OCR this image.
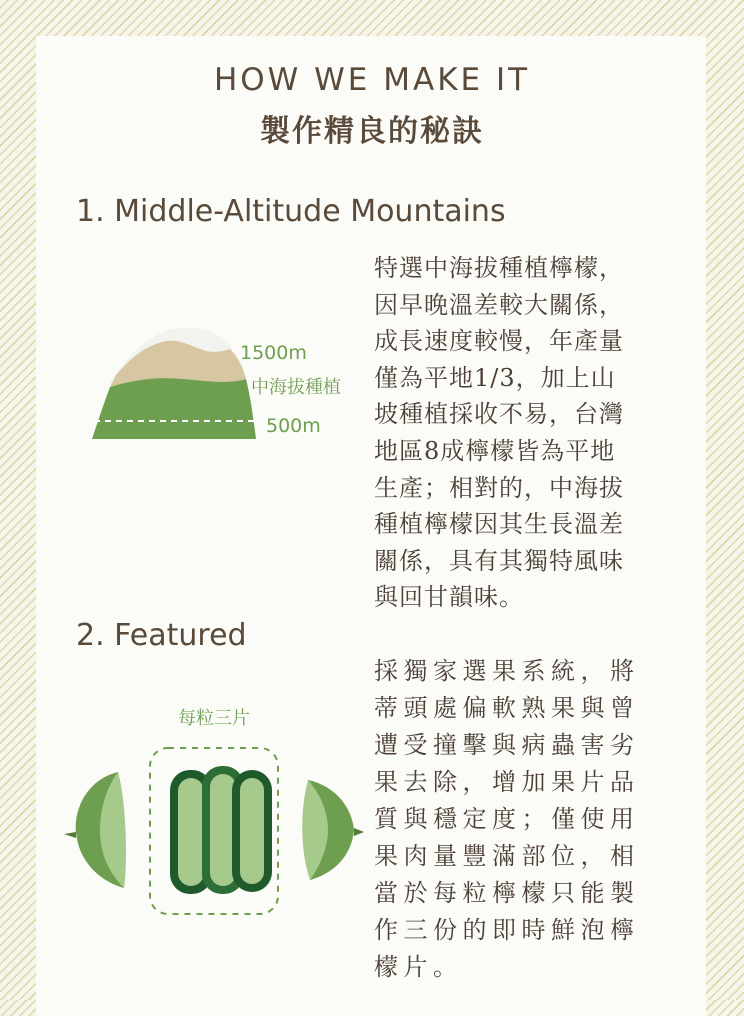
HOW WE MAKE IT
製作精良的秘訣
1. Middle-Altitude Mountains
1500m
中海拔種植
500m
特選中海拔種植檸檬，
因早晚溫差較大關係，
成長速度較慢，年產量
僅為平地1/3，加上山
坡種植採收不易，台灣
地區8成檸檬皆為平地
生產；相對的，中海拔
種植檸檬因其生長溫差
關係，具有其獨特風味
與回甘韻味。
2. Featured
每粒三片
採獨家選果系統，將
蒂頭處偏軟熟果與曾
遭受撞擊與病蟲害劣
果去除，增加果片品
質與穩定度；僅使用
果肉量豐滿部位，相
當於每粒檸檬只能製
作三份的即時鮮泡檸
檬片。
